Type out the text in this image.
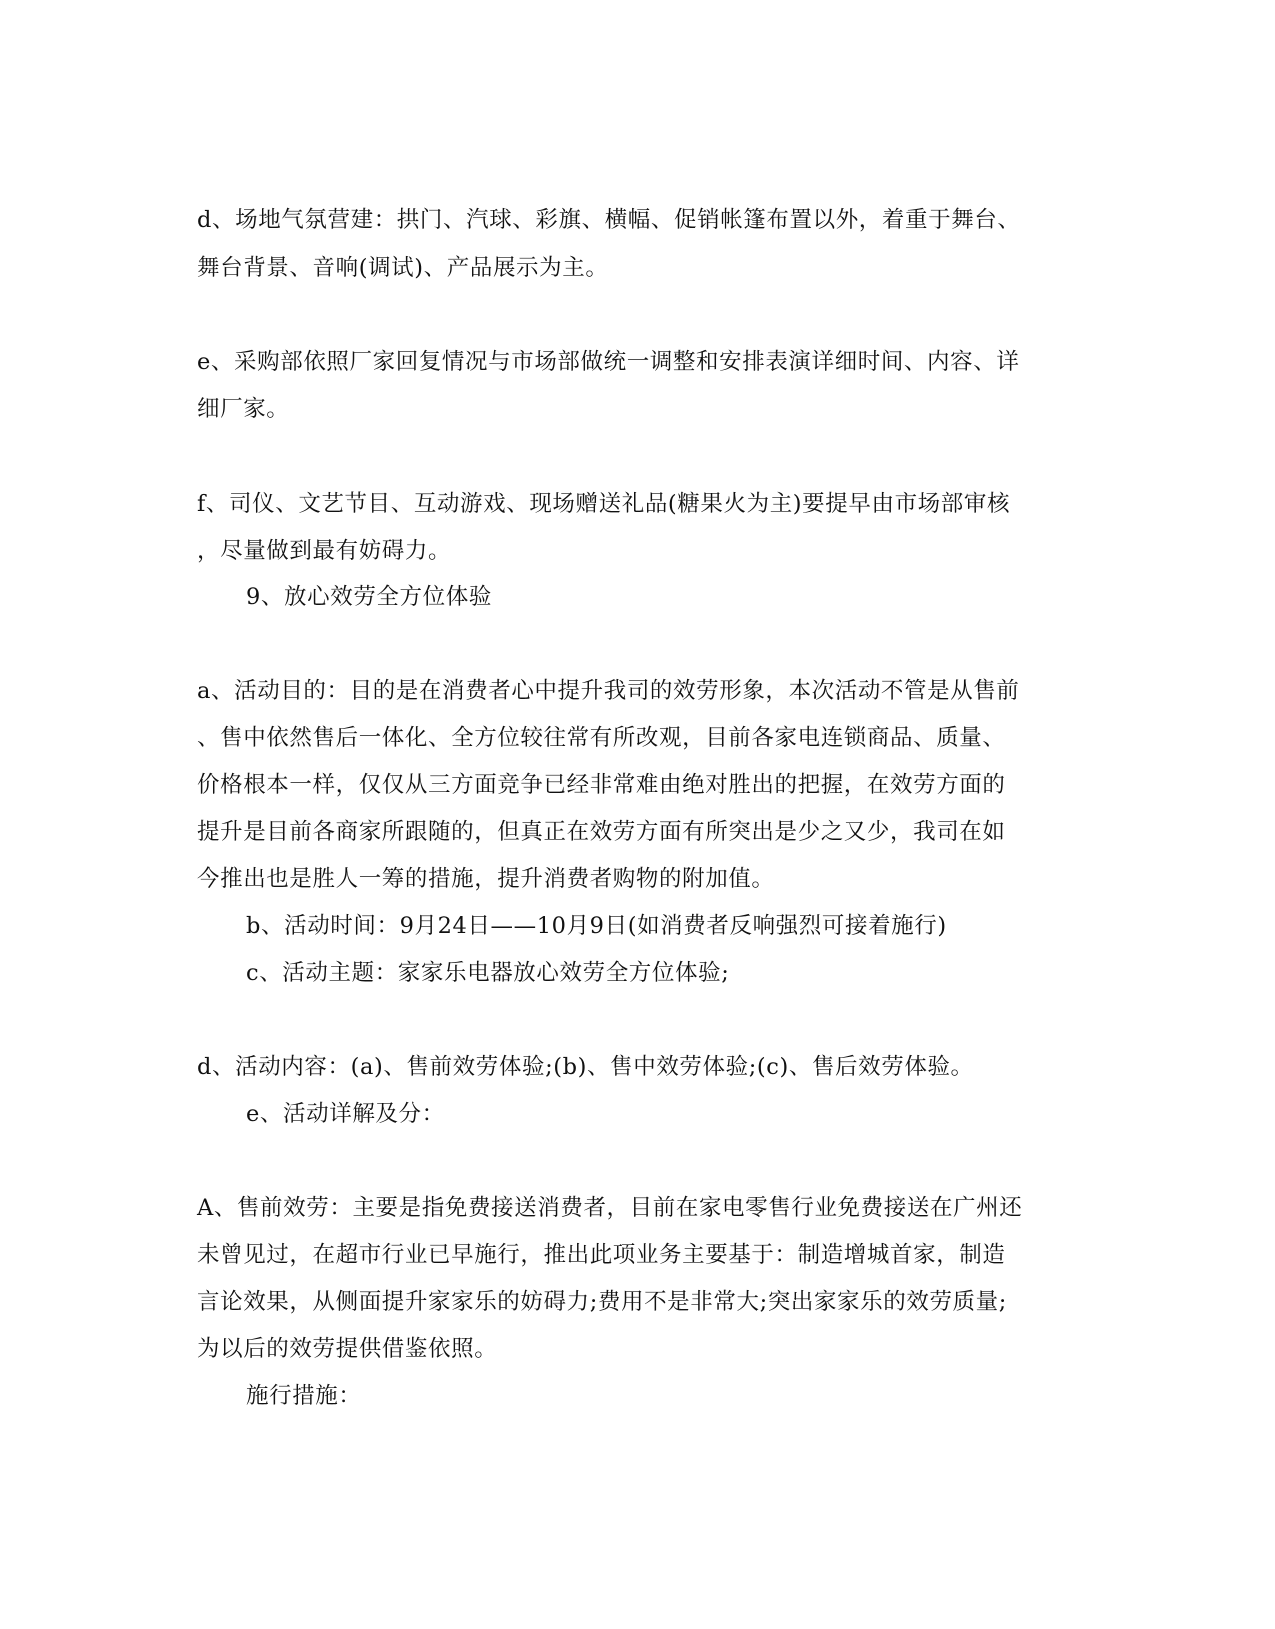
d、场地气氛营建：拱门、汽球、彩旗、横幅、促销帐篷布置以外，着重于舞台、
舞台背景、音响(调试)、产品展示为主。
e、采购部依照厂家回复情况与市场部做统一调整和安排表演详细时间、内容、详
细厂家。
f、司仪、文艺节目、互动游戏、现场赠送礼品(糖果火为主)要提早由市场部审核
，尽量做到最有妨碍力。
9、放心效劳全方位体验
a、活动目的：目的是在消费者心中提升我司的效劳形象，本次活动不管是从售前
、售中依然售后一体化、全方位较往常有所改观，目前各家电连锁商品、质量、
价格根本一样，仅仅从三方面竞争已经非常难由绝对胜出的把握，在效劳方面的
提升是目前各商家所跟随的，但真正在效劳方面有所突出是少之又少，我司在如
今推出也是胜人一筹的措施，提升消费者购物的附加值。
b、活动时间：9月24日——10月9日(如消费者反响强烈可接着施行)
c、活动主题：家家乐电器放心效劳全方位体验;
d、活动内容：(a)、售前效劳体验;(b)、售中效劳体验;(c)、售后效劳体验。
e、活动详解及分：
A、售前效劳：主要是指免费接送消费者，目前在家电零售行业免费接送在广州还
未曾见过，在超市行业已早施行，推出此项业务主要基于：制造增城首家，制造
言论效果，从侧面提升家家乐的妨碍力;费用不是非常大;突出家家乐的效劳质量;
为以后的效劳提供借鉴依照。
施行措施：
